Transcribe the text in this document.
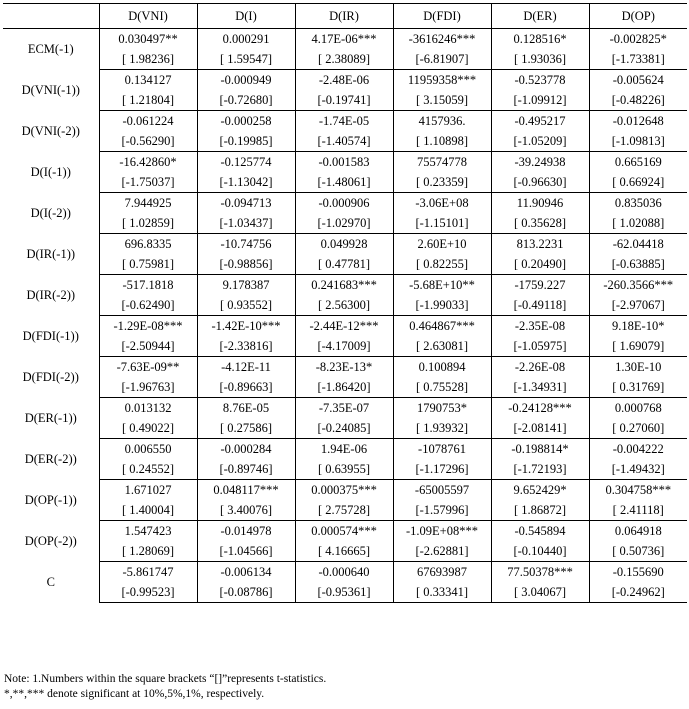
	D(VNI)	D(I)	D(IR)	D(FDI)	D(ER)	D(OP)
ECM(-1)	0.030497**	0.000291	4.17E-06***	-3616246***	0.128516*	-0.002825*
	[ 1.98236]	[ 1.59547]	[ 2.38089]	[-6.81907]	[ 1.93036]	[-1.73381]
D(VNI(-1))	0.134127	-0.000949	-2.48E-06	11959358***	-0.523778	-0.005624
	[ 1.21804]	[-0.72680]	[-0.19741]	[ 3.15059]	[-1.09912]	[-0.48226]
D(VNI(-2))	-0.061224	-0.000258	-1.74E-05	4157936.	-0.495217	-0.012648
	[-0.56290]	[-0.19985]	[-1.40574]	[ 1.10898]	[-1.05209]	[-1.09813]
D(I(-1))	-16.42860*	-0.125774	-0.001583	75574778	-39.24938	0.665169
	[-1.75037]	[-1.13042]	[-1.48061]	[ 0.23359]	[-0.96630]	[ 0.66924]
D(I(-2))	7.944925	-0.094713	-0.000906	-3.06E+08	11.90946	0.835036
	[ 1.02859]	[-1.03437]	[-1.02970]	[-1.15101]	[ 0.35628]	[ 1.02088]
D(IR(-1))	696.8335	-10.74756	0.049928	2.60E+10	813.2231	-62.04418
	[ 0.75981]	[-0.98856]	[ 0.47781]	[ 0.82255]	[ 0.20490]	[-0.63885]
D(IR(-2))	-517.1818	9.178387	0.241683***	-5.68E+10**	-1759.227	-260.3566***
	[-0.62490]	[ 0.93552]	[ 2.56300]	[-1.99033]	[-0.49118]	[-2.97067]
D(FDI(-1))	-1.29E-08***	-1.42E-10***	-2.44E-12***	0.464867***	-2.35E-08	9.18E-10*
	[-2.50944]	[-2.33816]	[-4.17009]	[ 2.63081]	[-1.05975]	[ 1.69079]
D(FDI(-2))	-7.63E-09**	-4.12E-11	-8.23E-13*	0.100894	-2.26E-08	1.30E-10
	[-1.96763]	[-0.89663]	[-1.86420]	[ 0.75528]	[-1.34931]	[ 0.31769]
D(ER(-1))	0.013132	8.76E-05	-7.35E-07	1790753*	-0.24128***	0.000768
	[ 0.49022]	[ 0.27586]	[-0.24085]	[ 1.93932]	[-2.08141]	[ 0.27060]
D(ER(-2))	0.006550	-0.000284	1.94E-06	-1078761	-0.198814*	-0.004222
	[ 0.24552]	[-0.89746]	[ 0.63955]	[-1.17296]	[-1.72193]	[-1.49432]
D(OP(-1))	1.671027	0.048117***	0.000375***	-65005597	9.652429*	0.304758***
	[ 1.40004]	[ 3.40076]	[ 2.75728]	[-1.57996]	[ 1.86872]	[ 2.41118]
D(OP(-2))	1.547423	-0.014978	0.000574***	-1.09E+08***	-0.545894	0.064918
	[ 1.28069]	[-1.04566]	[ 4.16665]	[-2.62881]	[-0.10440]	[ 0.50736]
C	-5.861747	-0.006134	-0.000640	67693987	77.50378***	-0.155690
	[-0.99523]	[-0.08786]	[-0.95361]	[ 0.33341]	[ 3.04067]	[-0.24962]
Note: 1.Numbers within the square brackets “[]”represents t-statistics.
*,**,*** denote significant at 10%,5%,1%, respectively.
